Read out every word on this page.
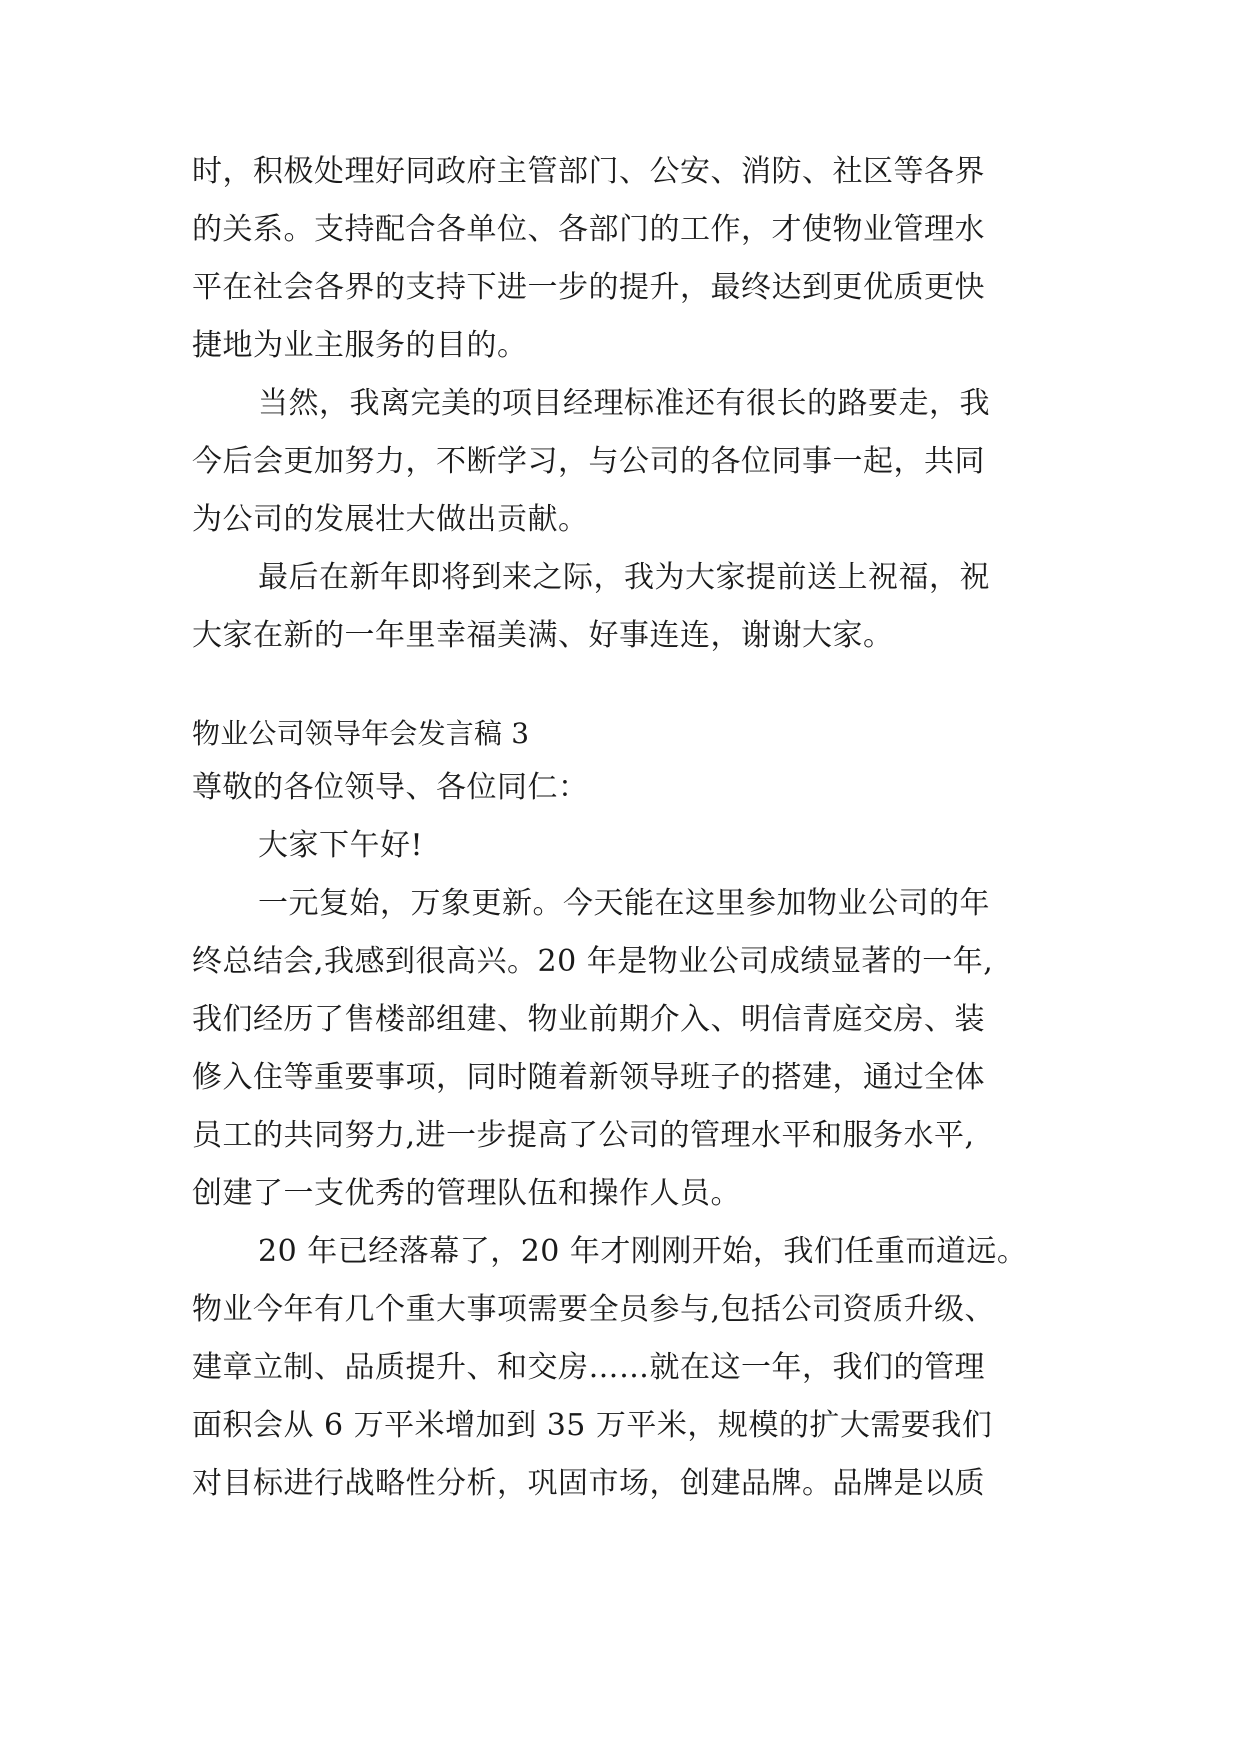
时，积极处理好同政府主管部门、公安、消防、社区等各界
的关系。支持配合各单位、各部门的工作，才使物业管理水
平在社会各界的支持下进一步的提升，最终达到更优质更快
捷地为业主服务的目的。
当然，我离完美的项目经理标准还有很长的路要走，我
今后会更加努力，不断学习，与公司的各位同事一起，共同
为公司的发展壮大做出贡献。
最后在新年即将到来之际，我为大家提前送上祝福，祝
大家在新的一年里幸福美满、好事连连，谢谢大家。
物业公司领导年会发言稿 3
尊敬的各位领导、各位同仁：
大家下午好!
一元复始，万象更新。今天能在这里参加物业公司的年
终总结会,我感到很高兴。20 年是物业公司成绩显著的一年,
我们经历了售楼部组建、物业前期介入、明信青庭交房、装
修入住等重要事项，同时随着新领导班子的搭建，通过全体
员工的共同努力,进一步提高了公司的管理水平和服务水平,
创建了一支优秀的管理队伍和操作人员。
20 年已经落幕了，20 年才刚刚开始，我们任重而道远。
物业今年有几个重大事项需要全员参与,包括公司资质升级、
建章立制、品质提升、和交房……就在这一年，我们的管理
面积会从 6 万平米增加到 35 万平米，规模的扩大需要我们
对目标进行战略性分析，巩固市场，创建品牌。品牌是以质
